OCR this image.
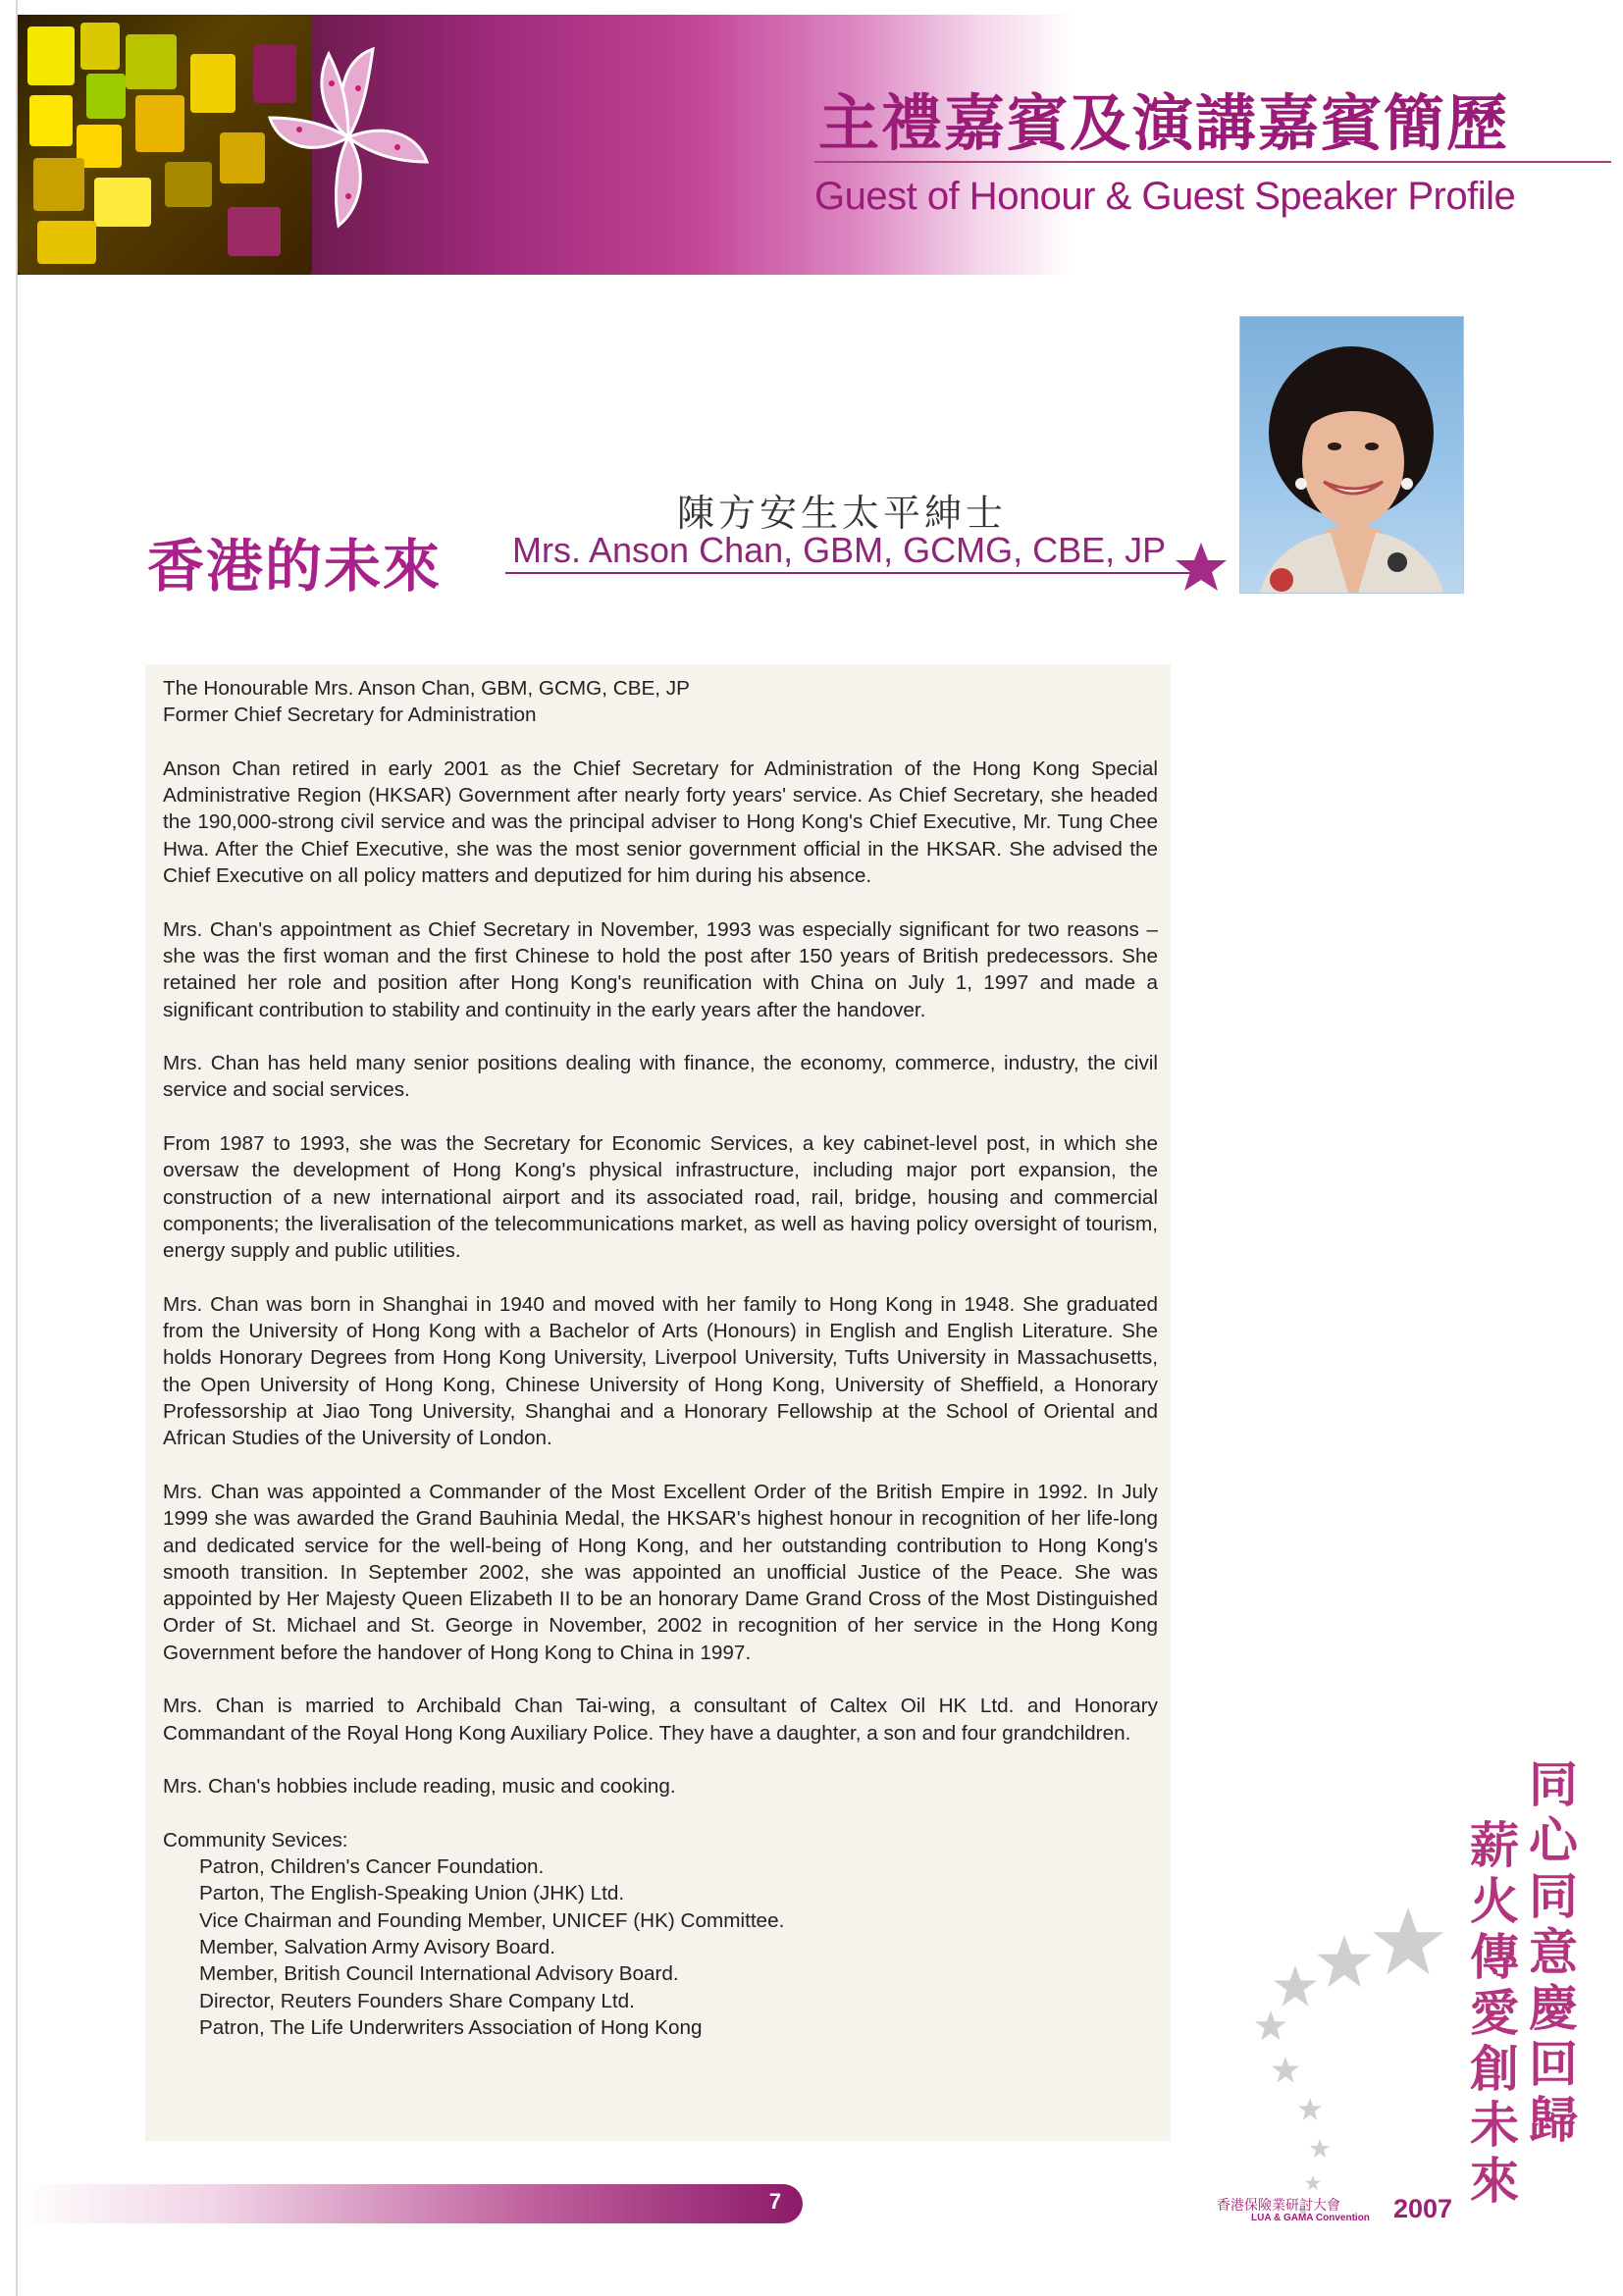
主禮嘉賓及演講嘉賓簡歷
Guest of Honour & Guest Speaker Profile
香港的未來
陳方安生太平紳士
Mrs. Anson Chan, GBM, GCMG, CBE, JP

The Honourable Mrs. Anson Chan, GBM, GCMG, CBE, JP

Former Chief Secretary for Administration

Anson Chan retired in early 2001 as the Chief Secretary for Administration of the Hong Kong Special Administrative Region (HKSAR) Government after nearly forty years' service. As Chief Secretary, she headed the 190,000-strong civil service and was the principal adviser to Hong Kong's Chief Executive, Mr. Tung Chee Hwa. After the Chief Executive, she was the most senior government official in the HKSAR. She advised the Chief Executive on all policy matters and deputized for him during his absence.

Mrs. Chan's appointment as Chief Secretary in November, 1993 was especially significant for two reasons – she was the first woman and the first Chinese to hold the post after 150 years of British predecessors. She retained her role and position after Hong Kong's reunification with China on July 1, 1997 and made a significant contribution to stability and continuity in the early years after the handover.

Mrs. Chan has held many senior positions dealing with finance, the economy, commerce, industry, the civil service and social services.

From 1987 to 1993, she was the Secretary for Economic Services, a key cabinet-level post, in which she oversaw the development of Hong Kong's physical infrastructure, including major port expansion, the construction of a new international airport and its associated road, rail, bridge, housing and commercial components; the liveralisation of the telecommunications market, as well as having policy oversight of tourism, energy supply and public utilities.

Mrs. Chan was born in Shanghai in 1940 and moved with her family to Hong Kong in 1948. She graduated from the University of Hong Kong with a Bachelor of Arts (Honours) in English and English Literature. She holds Honorary Degrees from Hong Kong University, Liverpool University, Tufts University in Massachusetts, the Open University of Hong Kong, Chinese University of Hong Kong, University of Sheffield, a Honorary Professorship at Jiao Tong University, Shanghai and a Honorary Fellowship at the School of Oriental and African Studies of the University of London.

Mrs. Chan was appointed a Commander of the Most Excellent Order of the British Empire in 1992. In July 1999 she was awarded the Grand Bauhinia Medal, the HKSAR's highest honour in recognition of her life-long and dedicated service for the well-being of Hong Kong, and her outstanding contribution to Hong Kong's smooth transition. In September 2002, she was appointed an unofficial Justice of the Peace. She was appointed by Her Majesty Queen Elizabeth II to be an honorary Dame Grand Cross of the Most Distinguished Order of St. Michael and St. George in November, 2002 in recognition of her service in the Hong Kong Government before the handover of Hong Kong to China in 1997.

Mrs. Chan is married to Archibald Chan Tai-wing, a consultant of Caltex Oil HK Ltd. and Honorary Commandant of the Royal Hong Kong Auxiliary Police. They have a daughter, a son and four grandchildren.

Mrs. Chan's hobbies include reading, music and cooking.

Community Sevices:

Patron, Children's Cancer Foundation.
Parton, The English-Speaking Union (JHK) Ltd.
Vice Chairman and Founding Member, UNICEF (HK) Committee.
Member, Salvation Army Avisory Board.
Member, British Council International Advisory Board.
Director, Reuters Founders Share Company Ltd.
Patron, The Life Underwriters Association of Hong Kong
薪
火
傳
愛
創
未
來
同
心
同
意
慶
回
歸
7	香港保險業研討大會
LUA & GAMA Convention 2007
